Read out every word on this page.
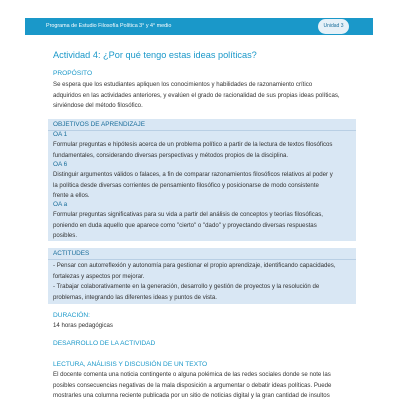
Programa de Estudio Filosofía Política 3° y 4° medio	Unidad 3
Actividad 4: ¿Por qué tengo estas ideas políticas?
PROPÓSITO
Se espera que los estudiantes apliquen los conocimientos y habilidades de razonamiento crítico
adquiridos en las actividades anteriores, y evalúen el grado de racionalidad de sus propias ideas políticas,
sirviéndose del método filosófico.
OBJETIVOS DE APRENDIZAJE
OA 1
Formular preguntas e hipótesis acerca de un problema político a partir de la lectura de textos filosóficos
fundamentales, considerando diversas perspectivas y métodos propios de la disciplina.
OA 6
Distinguir argumentos válidos o falaces, a fin de comparar razonamientos filosóficos relativos al poder y
la política desde diversas corrientes de pensamiento filosófico y posicionarse de modo consistente
frente a ellos.
OA a
Formular preguntas significativas para su vida a partir del análisis de conceptos y teorías filosóficas,
poniendo en duda aquello que aparece como "cierto" o "dado" y proyectando diversas respuestas
posibles.
ACTITUDES
- Pensar con autorreflexión y autonomía para gestionar el propio aprendizaje, identificando capacidades,
fortalezas y aspectos por mejorar.
- Trabajar colaborativamente en la generación, desarrollo y gestión de proyectos y la resolución de
problemas, integrando las diferentes ideas y puntos de vista.
DURACIÓN:
14 horas pedagógicas
DESARROLLO DE LA ACTIVIDAD
LECTURA, ANÁLISIS Y DISCUSIÓN DE UN TEXTO
El docente comenta una noticia contingente o alguna polémica de las redes sociales donde se note las
posibles consecuencias negativas de la mala disposición a argumentar o debatir ideas políticas. Puede
mostrarles una columna reciente publicada por un sitio de noticias digital y la gran cantidad de insultos
